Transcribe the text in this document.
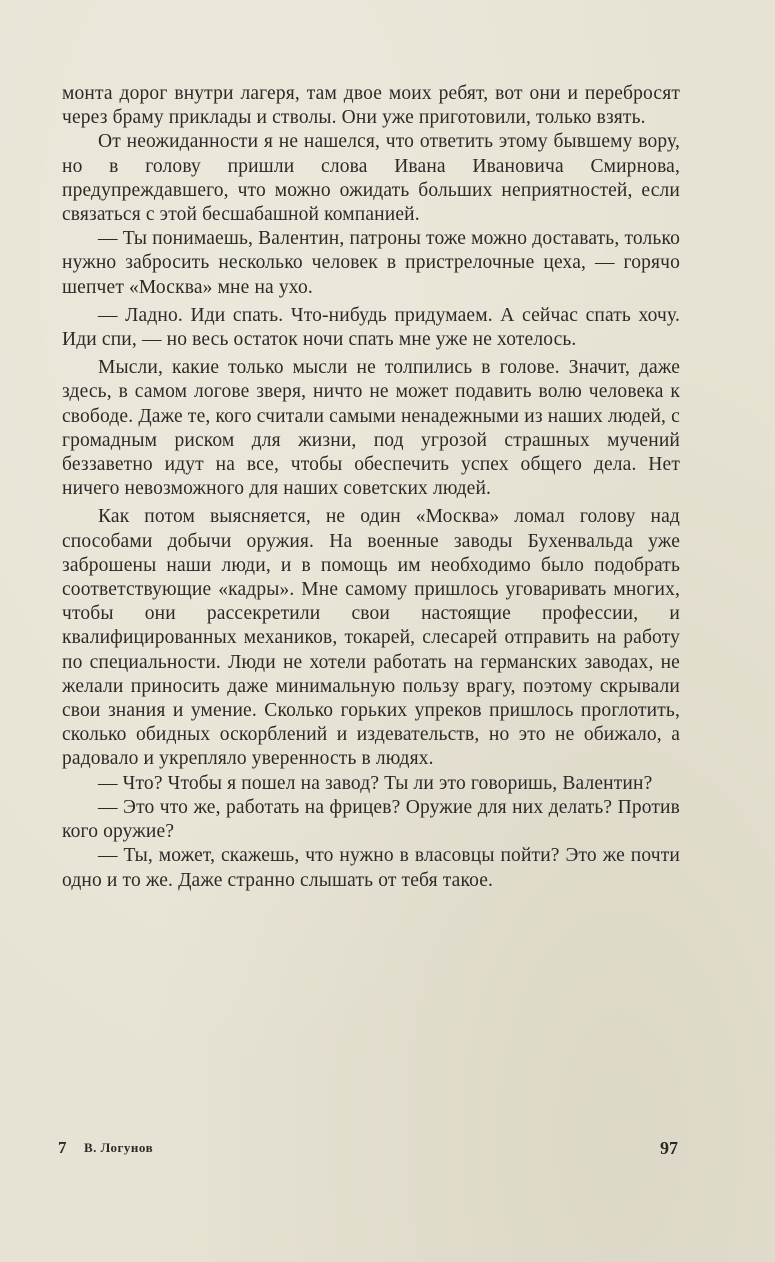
монта дорог внутри лагеря, там двое моих ребят, вот они и перебросят через браму приклады и стволы. Они уже приготовили, только взять.

От неожиданности я не нашелся, что ответить этому бывшему вору, но в голову пришли слова Ивана Ивановича Смирнова, предупреждавшего, что можно ожидать больших неприятностей, если связаться с этой бесшабашной компанией.

— Ты понимаешь, Валентин, патроны тоже можно доставать, только нужно забросить несколько человек в пристрелочные цеха, — горячо шепчет «Москва» мне на ухо.

— Ладно. Иди спать. Что-нибудь придумаем. А сейчас спать хочу. Иди спи, — но весь остаток ночи спать мне уже не хотелось.

Мысли, какие только мысли не толпились в голове. Значит, даже здесь, в самом логове зверя, ничто не может подавить волю человека к свободе. Даже те, кого считали самыми ненадежными из наших людей, с громадным риском для жизни, под угрозой страшных мучений беззаветно идут на все, чтобы обеспечить успех общего дела. Нет ничего невозможного для наших советских людей.

Как потом выясняется, не один «Москва» ломал голову над способами добычи оружия. На военные заводы Бухенвальда уже заброшены наши люди, и в помощь им необходимо было подобрать соответствующие «кадры». Мне самому пришлось уговаривать многих, чтобы они рассекретили свои настоящие профессии, и квалифицированных механиков, токарей, слесарей отправить на работу по специальности. Люди не хотели работать на германских заводах, не желали приносить даже минимальную пользу врагу, поэтому скрывали свои знания и умение. Сколько горьких упреков пришлось проглотить, сколько обидных оскорблений и издевательств, но это не обижало, а радовало и укрепляло уверенность в людях.

— Что? Чтобы я пошел на завод? Ты ли это говоришь, Валентин?

— Это что же, работать на фрицев? Оружие для них делать? Против кого оружие?

— Ты, может, скажешь, что нужно в власовцы пойти? Это же почти одно и то же. Даже странно слышать от тебя такое.

7 В. Логунов	97
